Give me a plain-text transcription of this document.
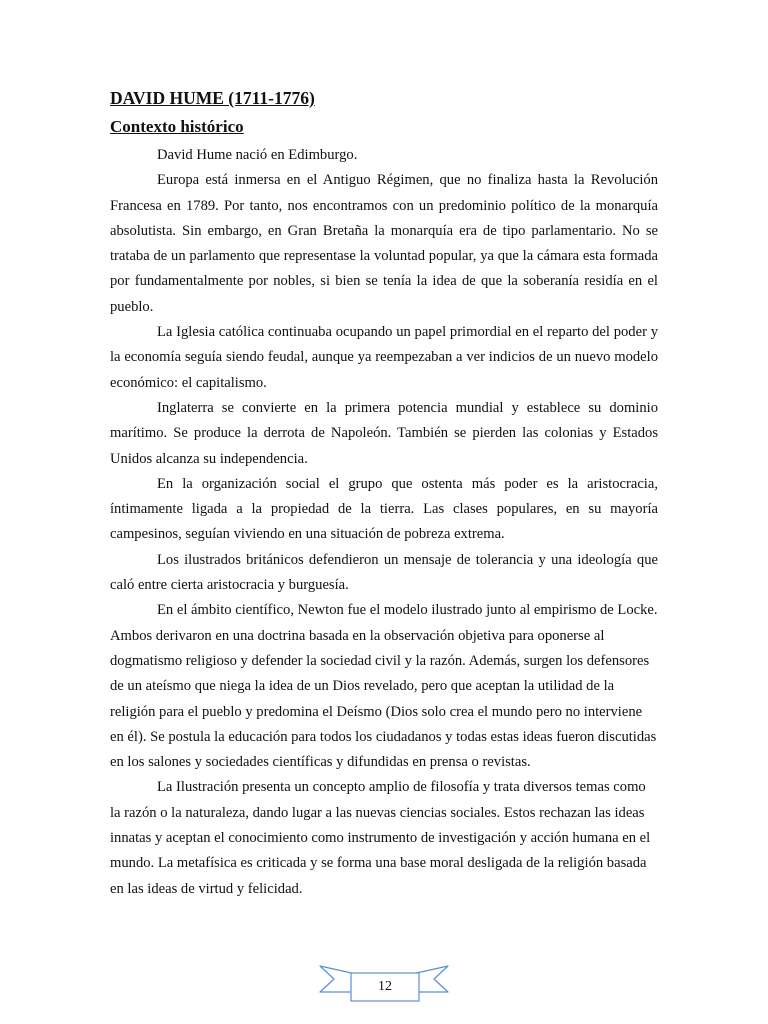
DAVID HUME (1711-1776)
Contexto histórico

David Hume nació en Edimburgo.

Europa está inmersa en el Antiguo Régimen, que no finaliza hasta la Revolución Francesa en 1789. Por tanto, nos encontramos con un predominio político de la monarquía absolutista. Sin embargo, en Gran Bretaña la monarquía era de tipo parlamentario. No se trataba de un parlamento que representase la voluntad popular, ya que la cámara esta formada por fundamentalmente por nobles, si bien se tenía la idea de que la soberanía residía en el pueblo.

La Iglesia católica continuaba ocupando un papel primordial en el reparto del poder y la economía seguía siendo feudal, aunque ya reempezaban a ver indicios de un nuevo modelo económico: el capitalismo.

Inglaterra se convierte en la primera potencia mundial y establece su dominio marítimo. Se produce la derrota de Napoleón. También se pierden las colonias y Estados Unidos alcanza su independencia.

En la organización social el grupo que ostenta más poder es la aristocracia, íntimamente ligada a la propiedad de la tierra. Las clases populares, en su mayoría campesinos, seguían viviendo en una situación de pobreza extrema.

Los ilustrados británicos defendieron un mensaje de tolerancia y una ideología que caló entre cierta aristocracia y burguesía.

En el ámbito científico, Newton fue el modelo ilustrado junto al empirismo de Locke. Ambos derivaron en una doctrina basada en la observación objetiva para oponerse al dogmatismo religioso y defender la sociedad civil y la razón. Además, surgen los defensores de un ateísmo que niega la idea de un Dios revelado, pero que aceptan la utilidad de la religión para el pueblo y predomina el Deísmo (Dios solo crea el mundo pero no interviene en él). Se postula la educación para todos los ciudadanos y todas estas ideas fueron discutidas en los salones y sociedades científicas y difundidas en prensa o revistas.

La Ilustración presenta un concepto amplio de filosofía y trata diversos temas como la razón o la naturaleza, dando lugar a las nuevas ciencias sociales. Estos rechazan las ideas innatas y aceptan el conocimiento como instrumento de investigación y acción humana en el mundo. La metafísica es criticada y se forma una base moral desligada de la religión basada en las ideas de virtud y felicidad.

12
